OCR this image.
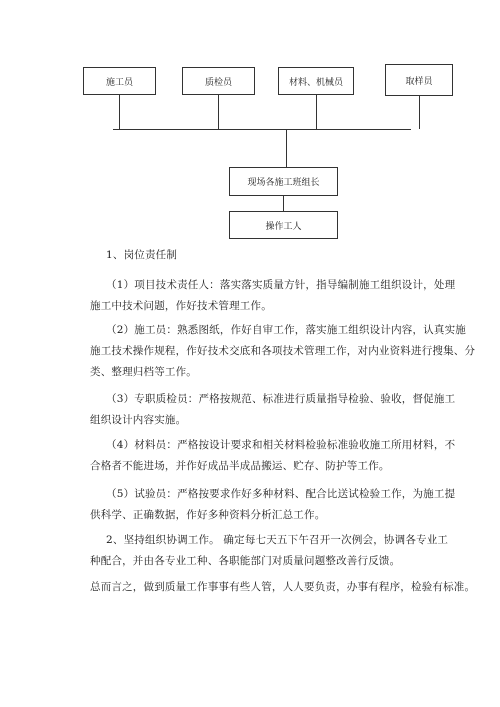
施工员	质检员	材料、机械员	取样员
现场各施工班组长
操作工人
1、岗位责任制
（1）项目技术责任人：落实落实质量方针，指导编制施工组织设计，处理
施工中技术问题，作好技术管理工作。
（2）施工员：熟悉图纸，作好自审工作，落实施工组织设计内容，认真实施
施工技术操作规程，作好技术交底和各项技术管理工作，对内业资料进行搜集、分
类、整理归档等工作。
（3）专职质检员：严格按规范、标准进行质量指导检验、验收，督促施工
组织设计内容实施。
（4）材料员：严格按设计要求和相关材料检验标准验收施工所用材料，不
合格者不能进场，并作好成品半成品搬运、贮存、防护等工作。
（5）试验员：严格按要求作好多种材料、配合比送试检验工作，为施工提
供科学、正确数据，作好多种资料分析汇总工作。
2、坚持组织协调工作。 确定每七天五下午召开一次例会，协调各专业工
种配合，并由各专业工种、各职能部门对质量问题整改善行反馈。
总而言之，做到质量工作事事有些人管，人人要负责，办事有程序，检验有标准。
